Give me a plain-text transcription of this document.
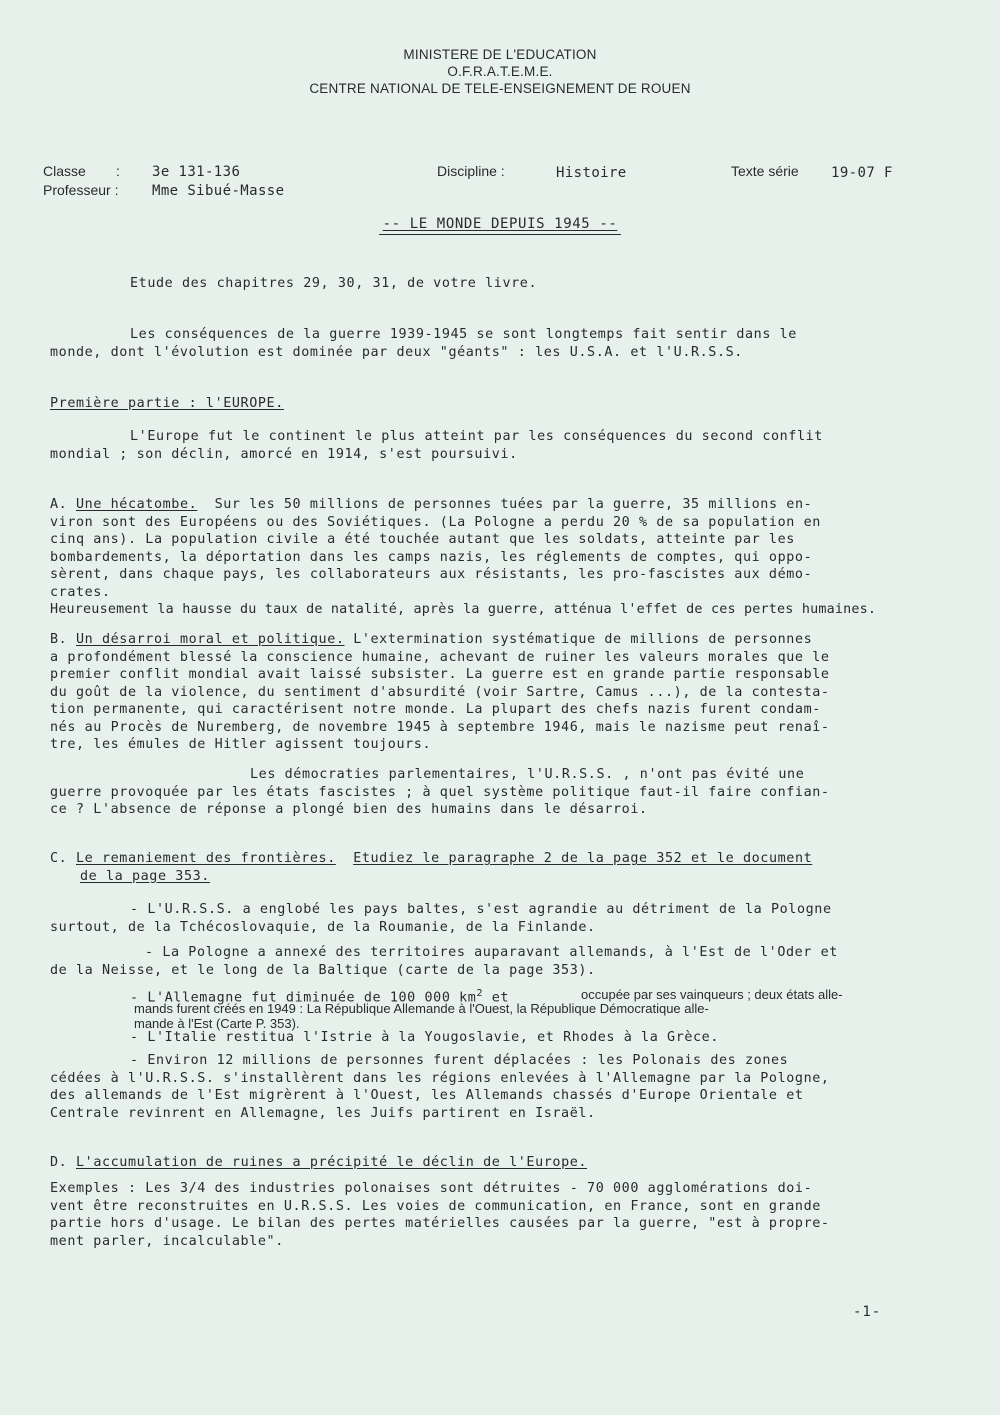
MINISTERE DE L'EDUCATION
O.F.R.A.T.E.M.E.
CENTRE NATIONAL DE TELE-ENSEIGNEMENT DE ROUEN
Classe : 3e 131-136
Professeur : Mme Sibué-Masse
Discipline :	Histoire	Texte série 19-07 F
-- LE MONDE DEPUIS 1945 --
Etude des chapitres 29, 30, 31, de votre livre.
Les conséquences de la guerre 1939-1945 se sont longtemps fait sentir dans le
monde, dont l'évolution est dominée par deux "géants" : les U.S.A. et l'U.R.S.S.
Première partie : l'EUROPE.
L'Europe fut le continent le plus atteint par les conséquences du second conflit
mondial ; son déclin, amorcé en 1914, s'est poursuivi.
A. Une hécatombe.  Sur les 50 millions de personnes tuées par la guerre, 35 millions en-
viron sont des Européens ou des Soviétiques. (La Pologne a perdu 20 % de sa population en
cinq ans). La population civile a été touchée autant que les soldats, atteinte par les
bombardements, la déportation dans les camps nazis, les réglements de comptes, qui oppo-
sèrent, dans chaque pays, les collaborateurs aux résistants, les pro-fascistes aux démo-
crates.
Heureusement la hausse du taux de natalité, après la guerre, atténua l'effet de ces pertes humaines.
B. Un désarroi moral et politique. L'extermination systématique de millions de personnes
a profondément blessé la conscience humaine, achevant de ruiner les valeurs morales que le
premier conflit mondial avait laissé subsister. La guerre est en grande partie responsable
du goût de la violence, du sentiment d'absurdité (voir Sartre, Camus ...), de la contesta-
tion permanente, qui caractérisent notre monde. La plupart des chefs nazis furent condam-
nés au Procès de Nuremberg, de novembre 1945 à septembre 1946, mais le nazisme peut renaî-
tre, les émules de Hitler agissent toujours.
Les démocraties parlementaires, l'U.R.S.S. , n'ont pas évité une
guerre provoquée par les états fascistes ; à quel système politique faut-il faire confian-
ce ? L'absence de réponse a plongé bien des humains dans le désarroi.
C. Le remaniement des frontières. Etudiez le paragraphe 2 de la page 352 et le document
de la page 353.
- L'U.R.S.S. a englobé les pays baltes, s'est agrandie au détriment de la Pologne
surtout, de la Tchécoslovaquie, de la Roumanie, de la Finlande.
- La Pologne a annexé des territoires auparavant allemands, à l'Est de l'Oder et
de la Neisse, et le long de la Baltique (carte de la page 353).
- L'Allemagne fut diminuée de 100 000 $km^2$ et	occupée par ses vainqueurs ; deux états alle-
mands furent créés en 1949 : La République Allemande à l'Ouest, la République Démocratique alle-
mande à l'Est (Carte P. 353).
- L'Italie restitua l'Istrie à la Yougoslavie, et Rhodes à la Grèce.
- Environ 12 millions de personnes furent déplacées : les Polonais des zones
cédées à l'U.R.S.S. s'installèrent dans les régions enlevées à l'Allemagne par la Pologne,
des allemands de l'Est migrèrent à l'Ouest, les Allemands chassés d'Europe Orientale et
Centrale revinrent en Allemagne, les Juifs partirent en Israël.
D. L'accumulation de ruines a précipité le déclin de l'Europe.
Exemples : Les 3/4 des industries polonaises sont détruites - 70 000 agglomérations doi-
vent être reconstruites en U.R.S.S. Les voies de communication, en France, sont en grande
partie hors d'usage. Le bilan des pertes matérielles causées par la guerre, "est à propre-
ment parler, incalculable".
-1-
